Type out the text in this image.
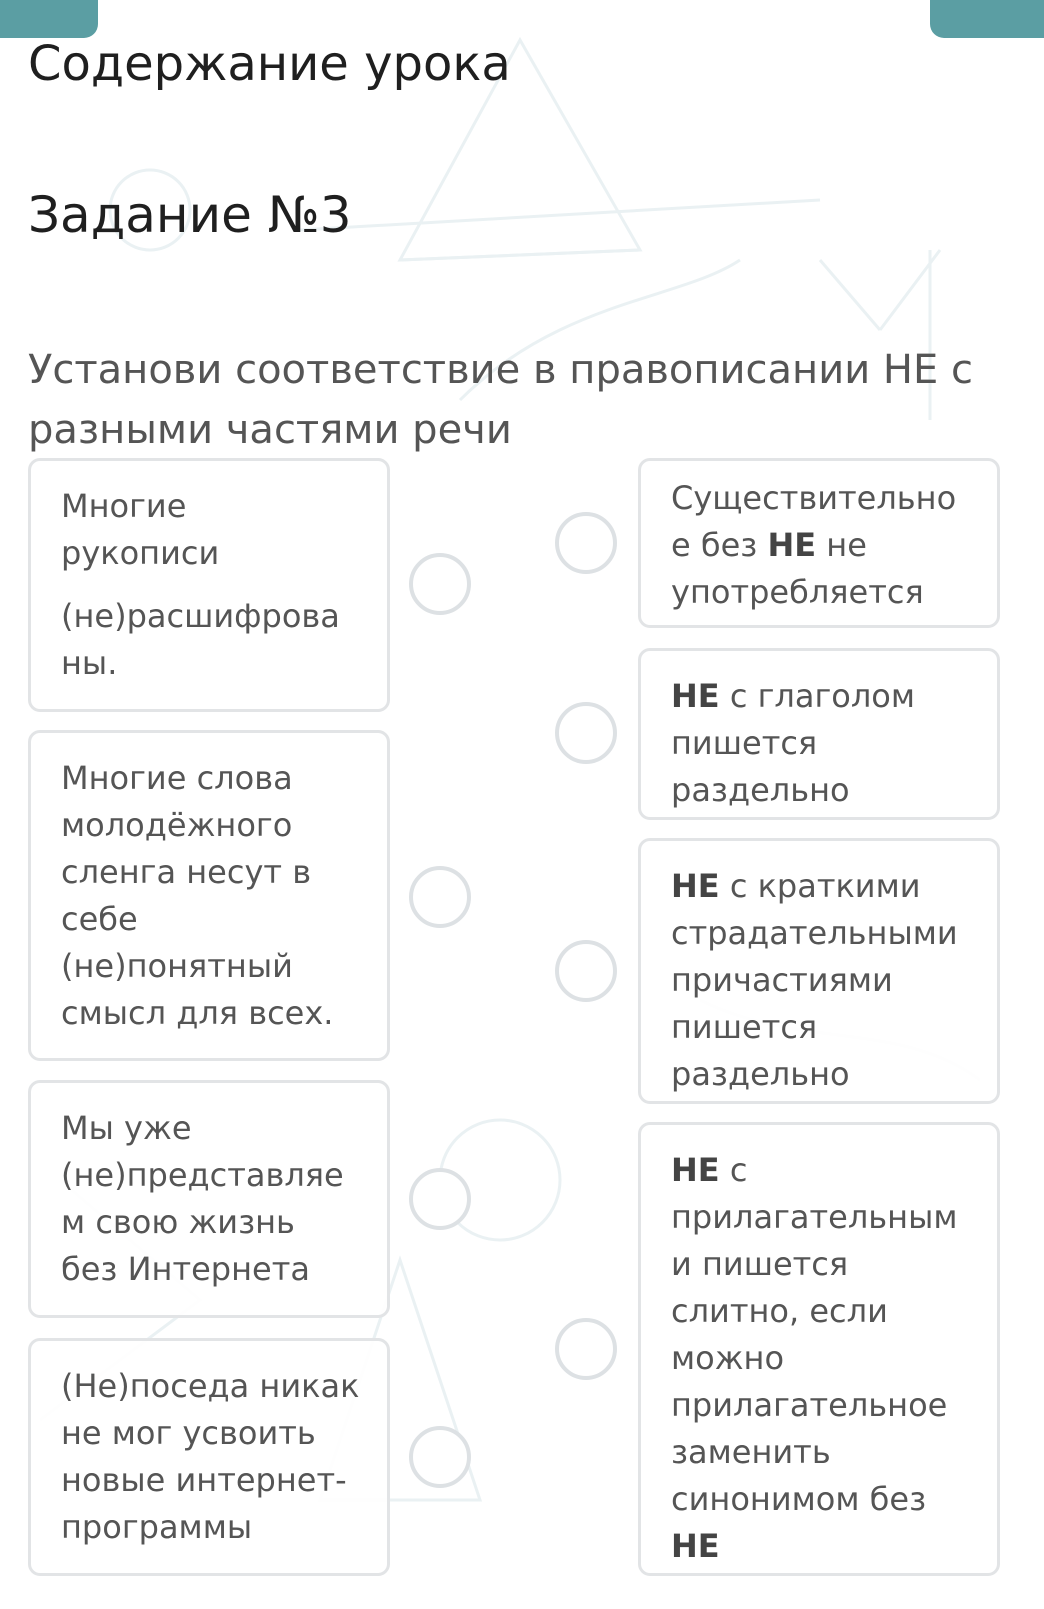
Содержание урока
Задание №3
Установи соответствие в правописании НЕ с разными частями речи
Многие
рукописи
(не)расшифрова
ны.
Многие слова
молодёжного
сленга несут в
себе
(не)понятный
смысл для всех.
Мы уже
(не)представляе
м свою жизнь
без Интернета
(Не)поседа никак
не мог усвоить
новые интернет-
программы
Существительно
е без НЕ не
употребляется
НЕ с глаголом
пишется
раздельно
НЕ с краткими
страдательными
причастиями
пишется
раздельно
НЕ с
прилагательным
и пишется
слитно, если
можно
прилагательное
заменить
синонимом без
НЕ
